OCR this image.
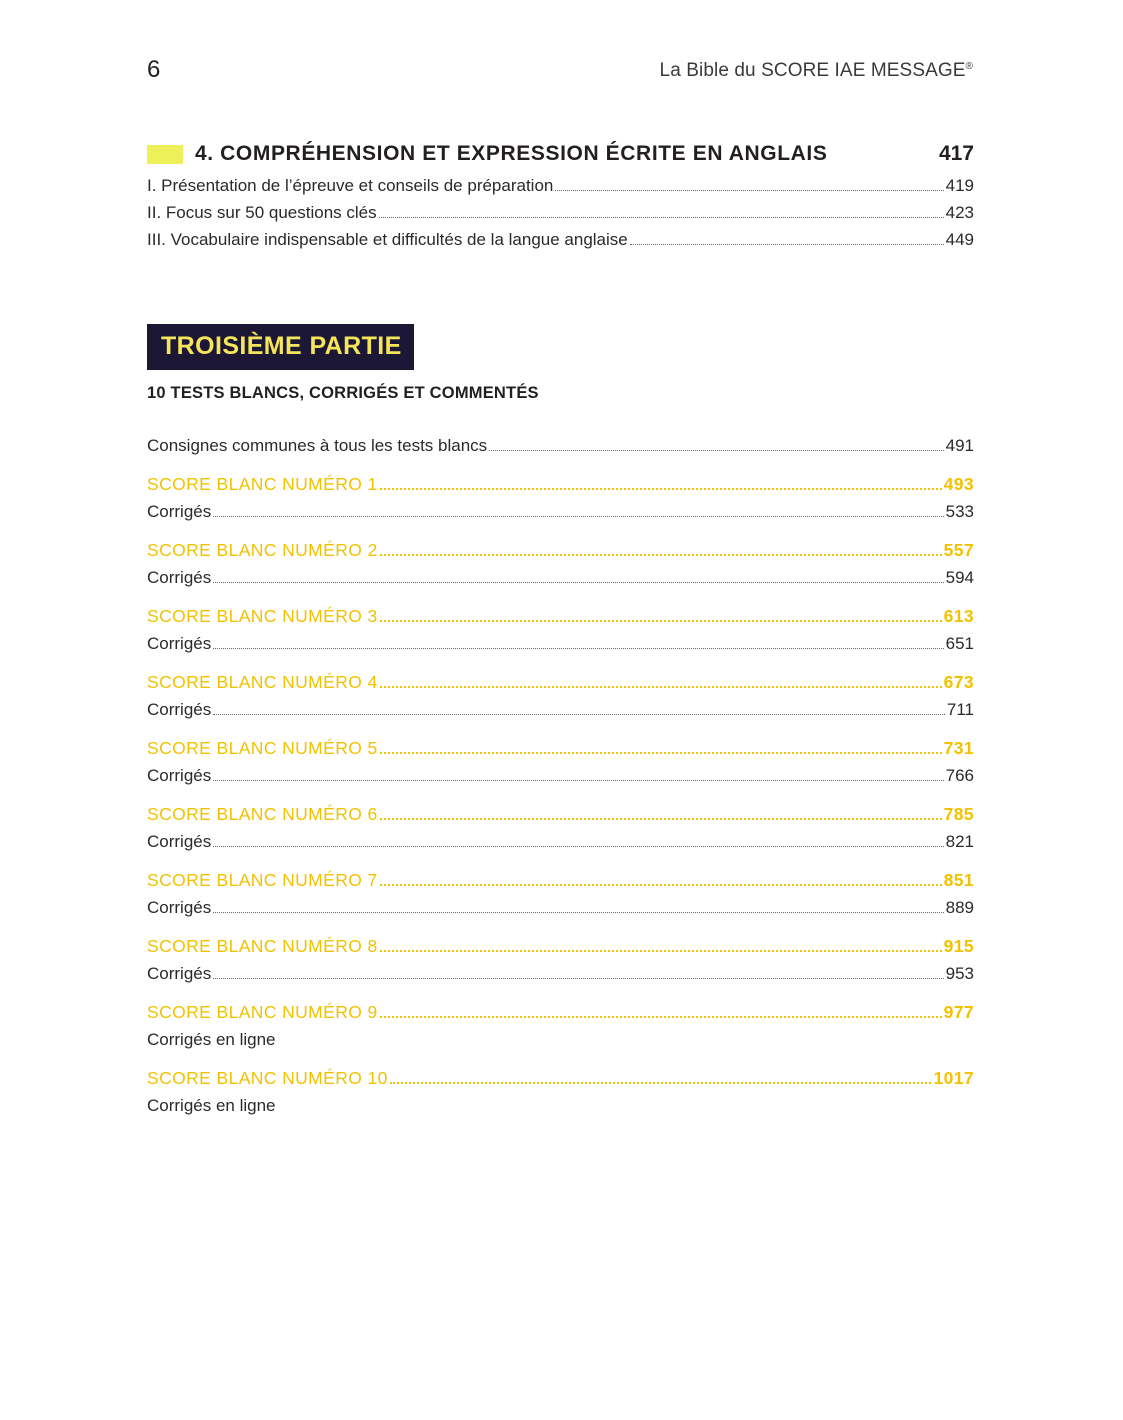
6	La Bible du SCORE IAE MESSAGE®
4. COMPRÉHENSION ET EXPRESSION ÉCRITE EN ANGLAIS	417
I. Présentation de l’épreuve et conseils de préparation	419
II. Focus sur 50 questions clés	423
III. Vocabulaire indispensable et difficultés de la langue anglaise	449
TROISIÈME PARTIE
10 TESTS BLANCS, CORRIGÉS ET COMMENTÉS
Consignes communes à tous les tests blancs	491
SCORE BLANC NUMÉRO 1	493
Corrigés	533
SCORE BLANC NUMÉRO 2	557
Corrigés	594
SCORE BLANC NUMÉRO 3	613
Corrigés	651
SCORE BLANC NUMÉRO 4	673
Corrigés	711
SCORE BLANC NUMÉRO 5	731
Corrigés	766
SCORE BLANC NUMÉRO 6	785
Corrigés	821
SCORE BLANC NUMÉRO 7	851
Corrigés	889
SCORE BLANC NUMÉRO 8	915
Corrigés	953
SCORE BLANC NUMÉRO 9	977
Corrigés en ligne
SCORE BLANC NUMÉRO 10	1017
Corrigés en ligne
